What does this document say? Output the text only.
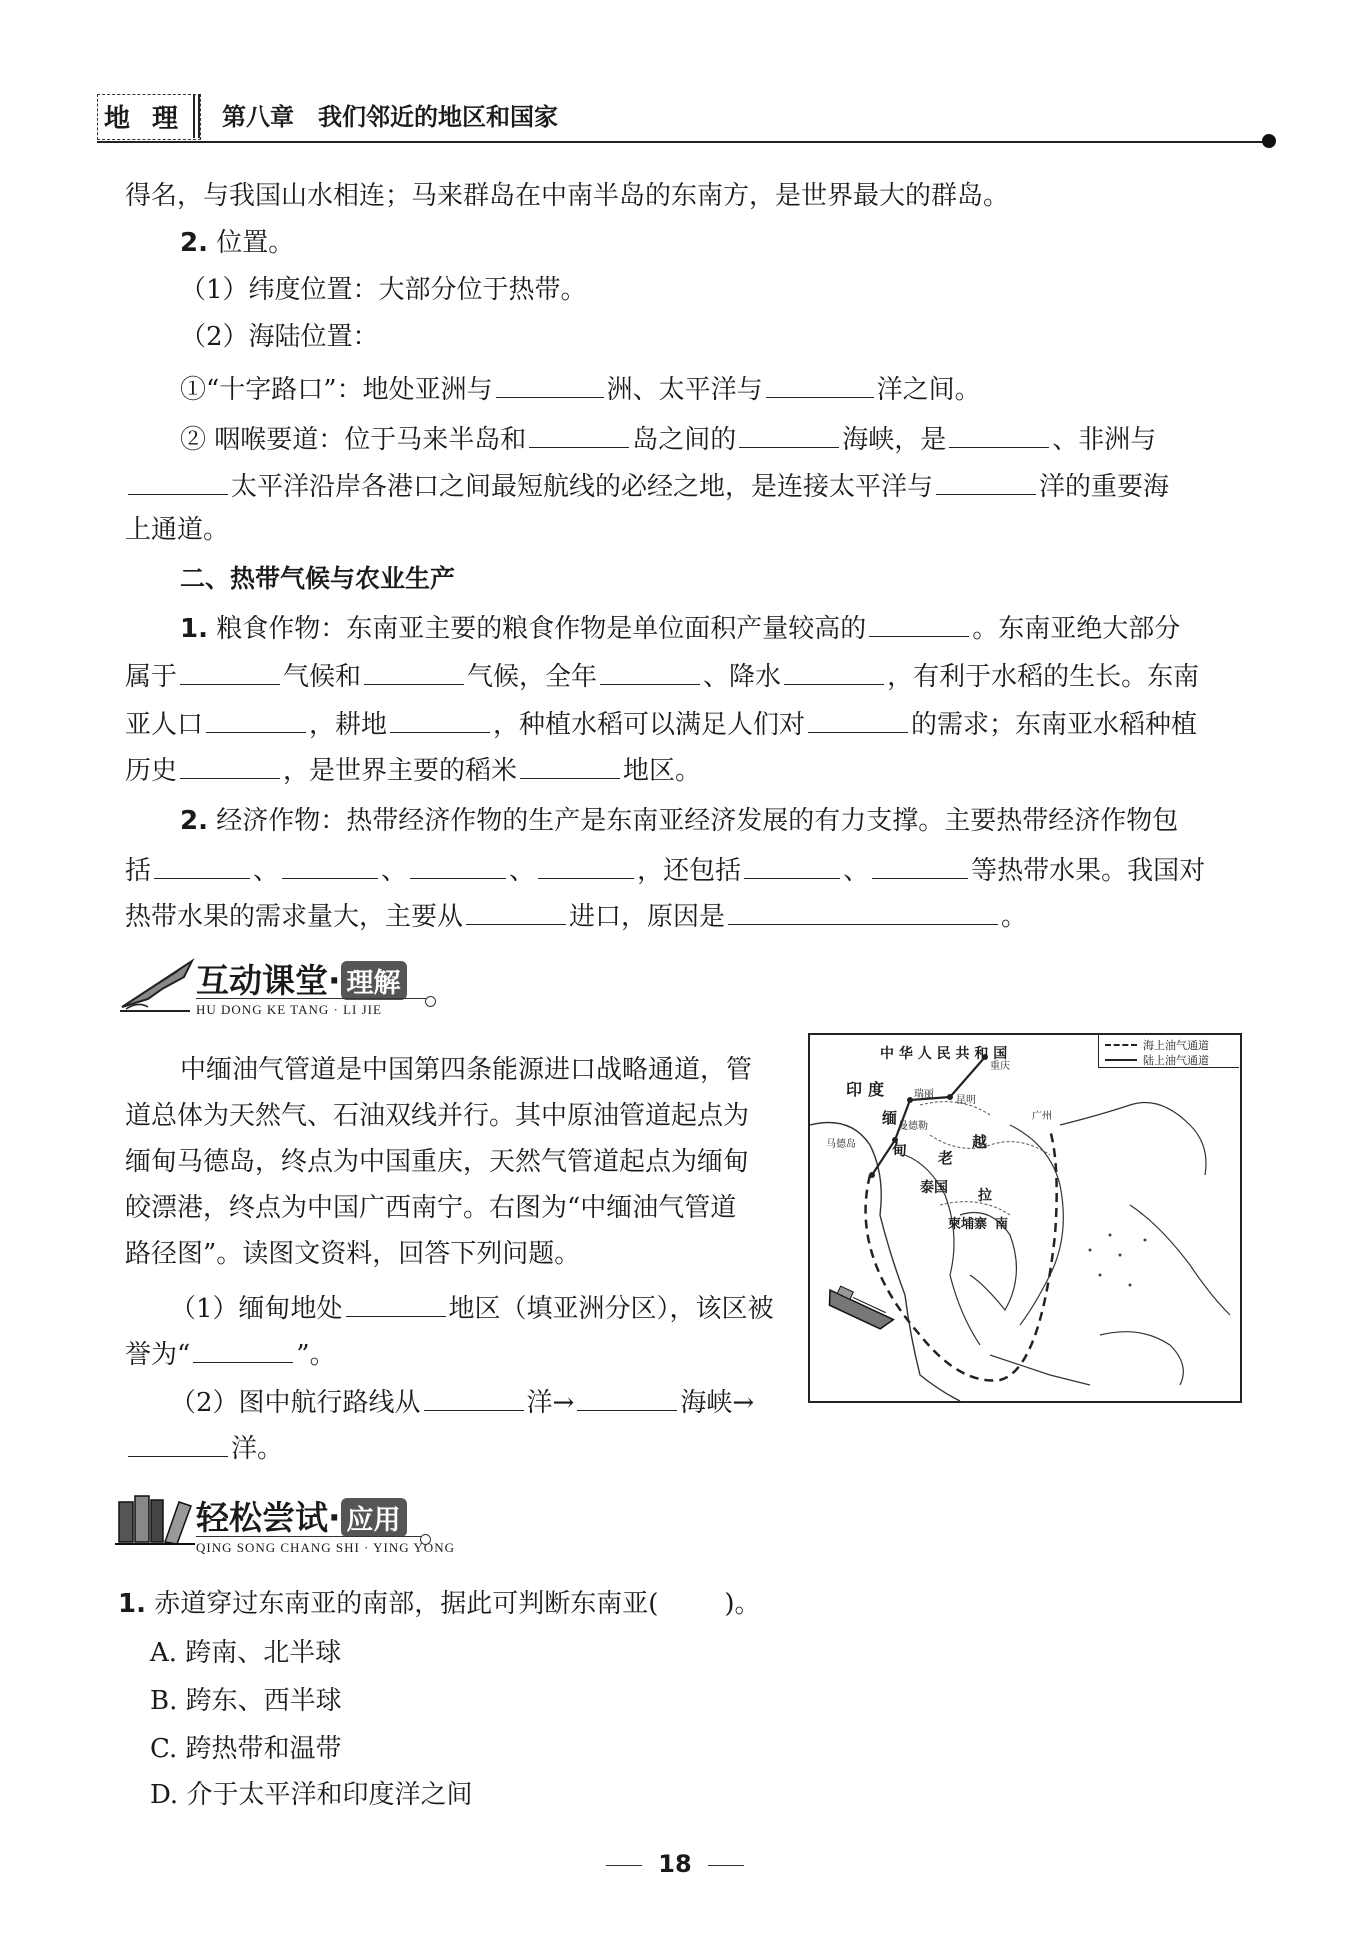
地理 第八章　我们邻近的地区和国家
得名，与我国山水相连；马来群岛在中南半岛的东南方，是世界最大的群岛。
2. 位置。
（1）纬度位置：大部分位于热带。
（2）海陆位置：
①“十字路口”：地处亚洲与	洲、太平洋与	洋之间。
② 咽喉要道：位于马来半岛和	岛之间的	海峡，是	、非洲与
太平洋沿岸各港口之间最短航线的必经之地，是连接太平洋与	洋的重要海
上通道。
二、热带气候与农业生产
1. 粮食作物：东南亚主要的粮食作物是单位面积产量较高的	。东南亚绝大部分
属于	气候和	气候，全年	、降水	，有利于水稻的生长。东南
亚人口	，耕地	，种植水稻可以满足人们对	的需求；东南亚水稻种植
历史	，是世界主要的稻米	地区。
2. 经济作物：热带经济作物的生产是东南亚经济发展的有力支撑。主要热带经济作物包
括	、	、	、	，还包括	、	等热带水果。我国对
热带水果的需求量大，主要从	进口，原因是	。
互动课堂· 理解
HU DONG KE TANG · LI JIE
中缅油气管道是中国第四条能源进口战略通道，管
道总体为天然气、石油双线并行。其中原油管道起点为
缅甸马德岛，终点为中国重庆，天然气管道起点为缅甸
皎漂港，终点为中国广西南宁。右图为“中缅油气管道
路径图”。读图文资料，回答下列问题。
（1）缅甸地处	地区（填亚洲分区），该区被
誉为“	”。
（2）图中航行路线从	洋→	海峡→
洋。
海上油气通道
陆上油气通道
中 华 人 民 共 和 国
重庆
印 度	瑞丽
昆明
广州
缅 曼德勒
马德岛 甸 老
越
泰国 拉
柬埔寨 南
轻松尝试· 应用
QING SONG CHANG SHI · YING YONG
1. 赤道穿过东南亚的南部，据此可判断东南亚(	)。
A. 跨南、北半球
B. 跨东、西半球
C. 跨热带和温带
D. 介于太平洋和印度洋之间
18
